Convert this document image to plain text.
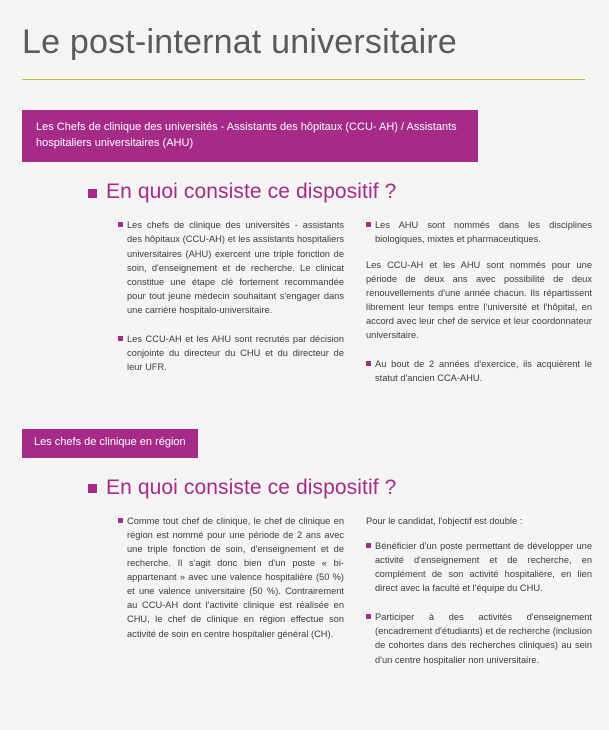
Le post-internat universitaire
Les Chefs de clinique des universités - Assistants des hôpitaux (CCU- AH) / Assistants hospitaliers universitaires (AHU)
En quoi consiste ce dispositif ?

Les chefs de clinique des universités - assistants des hôpitaux (CCU-AH) et les assistants hospitaliers universitaires (AHU) exercent une triple fonction de soin, d'enseignement et de recherche. Le clinicat constitue une étape clé fortement recommandée pour tout jeune médecin souhaitant s'engager dans une carrière hospitalo-universitaire.

Les CCU-AH et les AHU sont recrutés par décision conjointe du directeur du CHU et du directeur de leur UFR.

Les AHU sont nommés dans les disciplines biologiques, mixtes et pharmaceutiques.

Les CCU-AH et les AHU sont nommés pour une période de deux ans avec possibilité de deux renouvellements d'une année chacun. Ils répartissent librement leur temps entre l'université et l'hôpital, en accord avec leur chef de service et leur coordonnateur universitaire.

Au bout de 2 années d'exercice, ils acquièrent le statut d'ancien CCA-AHU.

Les chefs de clinique en région
En quoi consiste ce dispositif ?

Comme tout chef de clinique, le chef de clinique en région est nommé pour une période de 2 ans avec une triple fonction de soin, d'enseignement et de recherche. Il s'agit donc bien d'un poste « bi-appartenant » avec une valence hospitalière (50 %) et une valence universitaire (50 %). Contrairement au CCU-AH dont l'activité clinique est réalisée en CHU, le chef de clinique en région effectue son activité de soin en centre hospitalier général (CH).

Pour le candidat, l'objectif est double :

Bénéficier d'un poste permettant de développer une activité d'enseignement et de recherche, en complément de son activité hospitalière, en lien direct avec la faculté et l'équipe du CHU.

Participer à des activités d'enseignement (encadrement d'étudiants) et de recherche (inclusion de cohortes dans des recherches cliniques) au sein d'un centre hospitalier non universitaire.
